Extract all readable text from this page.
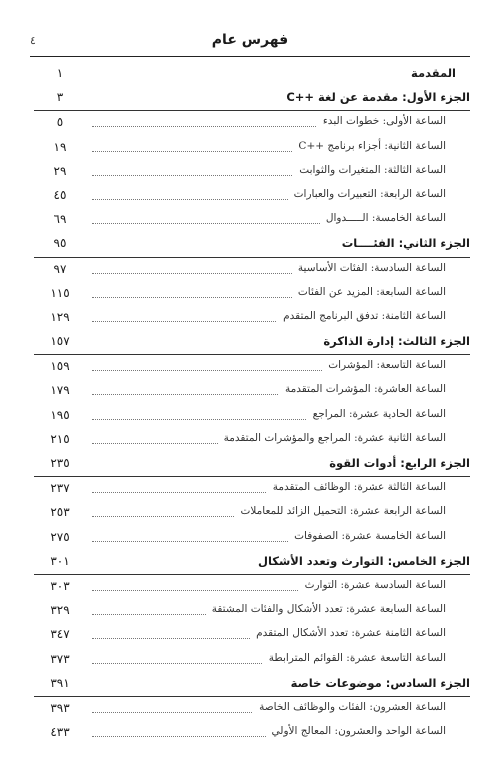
٤	فهرس عام
المقدمة
١
الجزء الأول: مقدمة عن لغة ++C
٣
الساعة الأولى: خطوات البدء
٥
الساعة الثانية: أجزاء برنامج ++C
١٩
الساعة الثالثة: المتغيرات والثوابت
٢٩
الساعة الرابعة: التعبيرات والعبارات
٤٥
الساعة الخامسة: الـــــدوال
٦٩
الجزء الثاني: الفئــــات
٩٥
الساعة السادسة: الفئات الأساسية
٩٧
الساعة السابعة: المزيد عن الفئات
١١٥
الساعة الثامنة: تدفق البرنامج المتقدم
١٢٩
الجزء الثالث: إدارة الذاكرة
١٥٧
الساعة التاسعة: المؤشرات
١٥٩
الساعة العاشرة: المؤشرات المتقدمة
١٧٩
الساعة الحادية عشرة: المراجع
١٩٥
الساعة الثانية عشرة: المراجع والمؤشرات المتقدمة
٢١٥
الجزء الرابع: أدوات القوة
٢٣٥
الساعة الثالثة عشرة: الوظائف المتقدمة
٢٣٧
الساعة الرابعة عشرة: التحميل الزائد للمعاملات
٢٥٣
الساعة الخامسة عشرة: الصفوفات
٢٧٥
الجزء الخامس: التوارث وتعدد الأشكال
٣٠١
الساعة السادسة عشرة: التوارث
٣٠٣
الساعة السابعة عشرة: تعدد الأشكال والفئات المشتقة
٣٢٩
الساعة الثامنة عشرة: تعدد الأشكال المتقدم
٣٤٧
الساعة التاسعة عشرة: القوائم المترابطة
٣٧٣
الجزء السادس: موضوعات خاصة
٣٩١
الساعة العشرون: الفئات والوظائف الخاصة
٣٩٣
الساعة الواحد والعشرون: المعالج الأولي
٤٣٣
